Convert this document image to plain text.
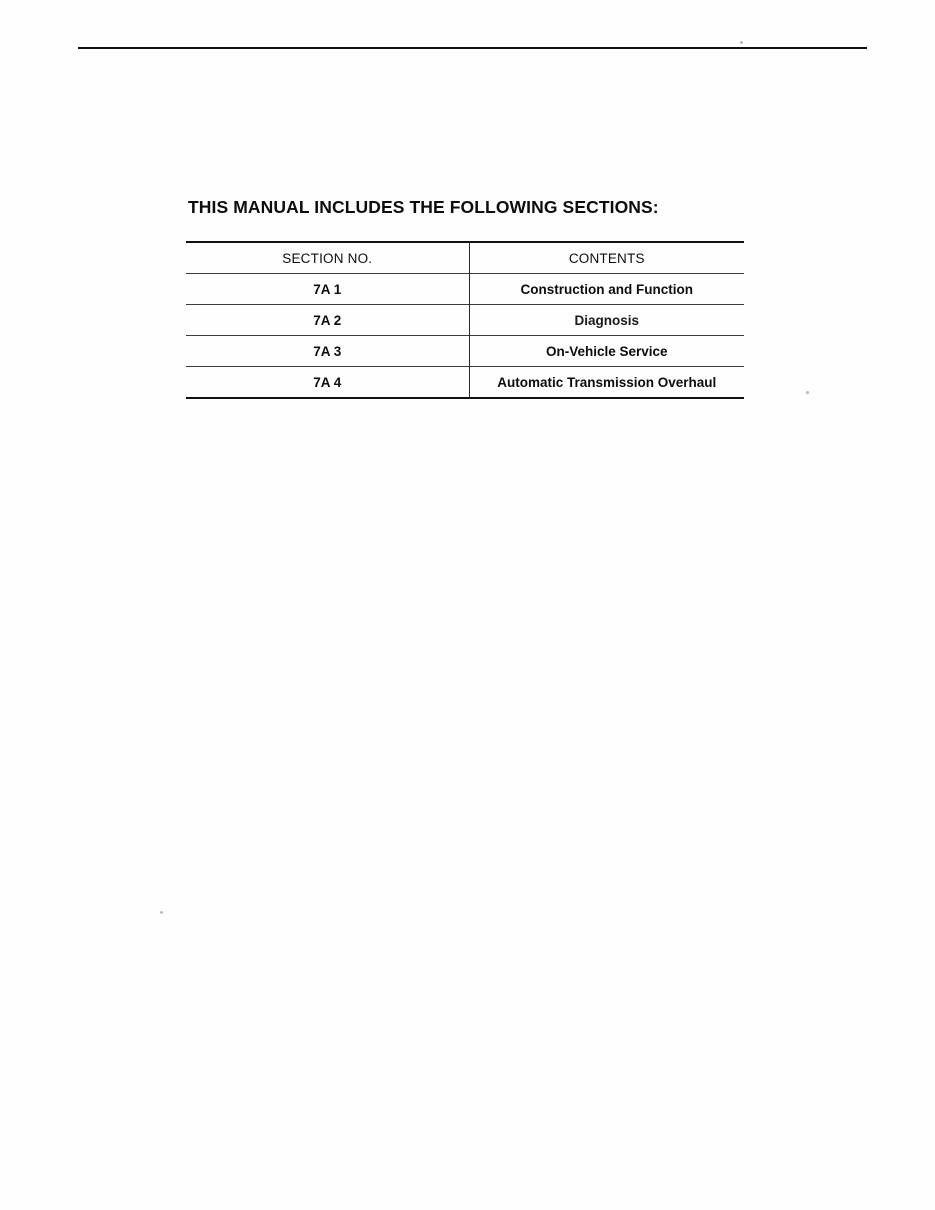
THIS MANUAL INCLUDES THE FOLLOWING SECTIONS:
SECTION NO.	CONTENTS
7A 1	Construction and Function
7A 2	Diagnosis
7A 3	On-Vehicle Service
7A 4	Automatic Transmission Overhaul
